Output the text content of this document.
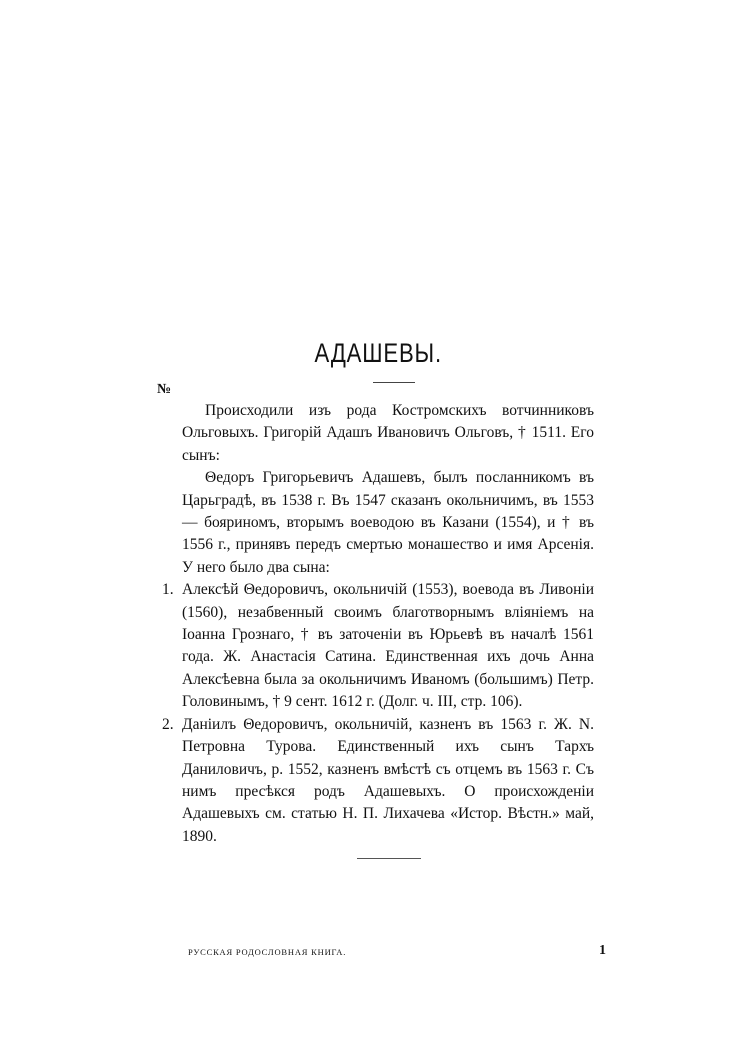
АДАШЕВЫ.
№

Происходили изъ рода Костромскихъ вотчинниковъ Ольговыхъ. Григорій Адашъ Ивановичъ Ольговъ, † 1511. Его сынъ:

Θедоръ Григорьевичъ Адашевъ, былъ посланникомъ въ Царьградѣ, въ 1538 г. Въ 1547 сказанъ окольничимъ, въ 1553 — бояриномъ, вторымъ воеводою въ Казани (1554), и † въ 1556 г., принявъ передъ смертью монашество и имя Арсенія. У него было два сына:

1. Алексѣй Θедоровичъ, окольничій (1553), воевода въ Ливоніи (1560), незабвенный своимъ благотворнымъ вліяніемъ на Іоанна Грознаго, † въ заточеніи въ Юрьевѣ въ началѣ 1561 года. Ж. Анастасія Сатина. Единственная ихъ дочь Анна Алексѣевна была за окольничимъ Иваномъ (большимъ) Петр. Головинымъ, † 9 сент. 1612 г. (Долг. ч. III, стр. 106).
2. Даніилъ Θедоровичъ, окольничій, казненъ въ 1563 г. Ж. N. Петровна Турова. Единственный ихъ сынъ Тархъ Даниловичъ, р. 1552, казненъ вмѣстѣ съ отцемъ въ 1563 г. Съ нимъ пресѣкся родъ Адашевыхъ. О происхожденіи Адашевыхъ см. статью Н. П. Лихачева «Истор. Вѣстн.» май, 1890.
РУССКАЯ РОДОСЛОВНАЯ КНИГА.	1
